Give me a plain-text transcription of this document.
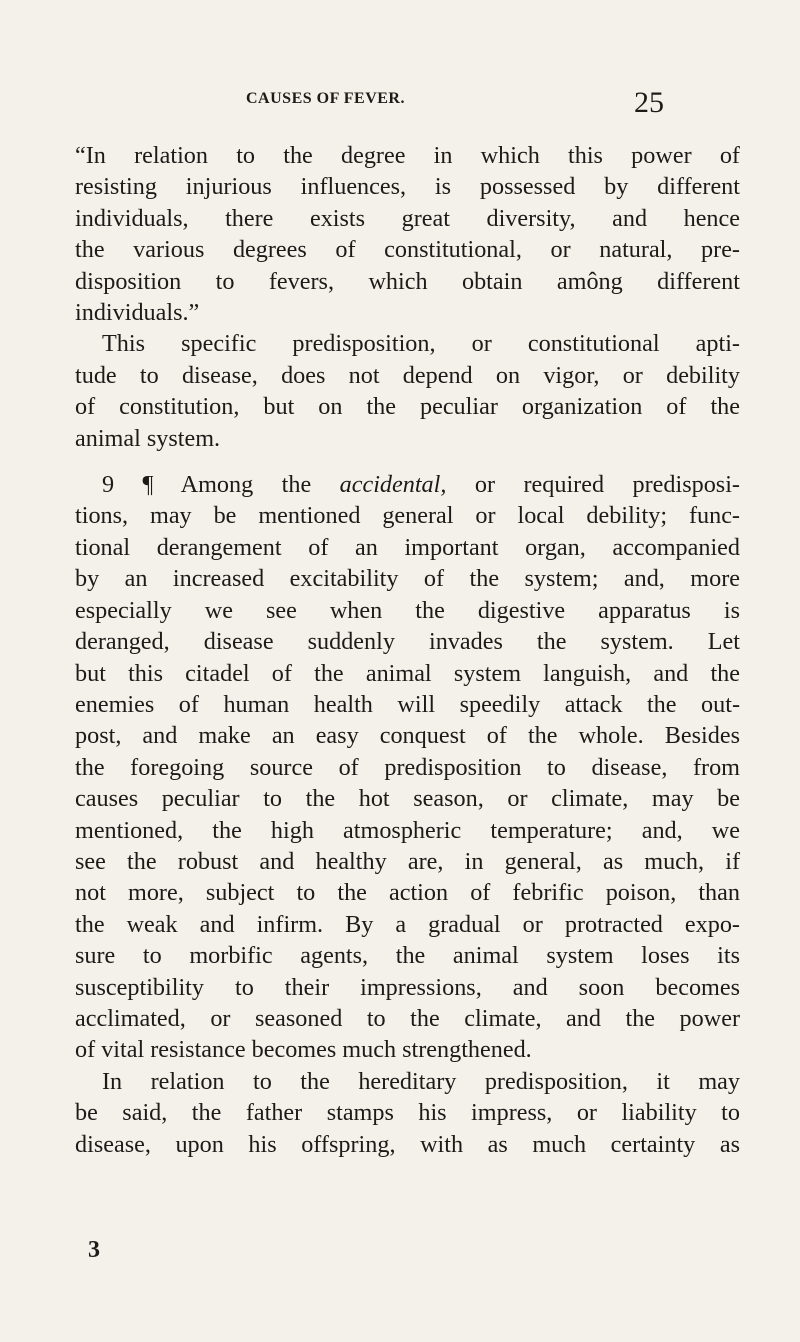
CAUSES OF FEVER.	25
“In relation to the degree in which this power of
resisting injurious influences, is possessed by different
individuals, there exists great diversity, and hence
the various degrees of constitutional, or natural, pre-
disposition to fevers, which obtain amông different
individuals.”
This specific predisposition, or constitutional apti-
tude to disease, does not depend on vigor, or debility
of constitution, but on the peculiar organization of the
animal system.
9 ¶ Among the accidental, or required predisposi-
tions, may be mentioned general or local debility; func-
tional derangement of an important organ, accompanied
by an increased excitability of the system; and, more
especially we see when the digestive apparatus is
deranged, disease suddenly invades the system. Let
but this citadel of the animal system languish, and the
enemies of human health will speedily attack the out-
post, and make an easy conquest of the whole. Besides
the foregoing source of predisposition to disease, from
causes peculiar to the hot season, or climate, may be
mentioned, the high atmospheric temperature; and, we
see the robust and healthy are, in general, as much, if
not more, subject to the action of febrific poison, than
the weak and infirm. By a gradual or protracted expo-
sure to morbific agents, the animal system loses its
susceptibility to their impressions, and soon becomes
acclimated, or seasoned to the climate, and the power
of vital resistance becomes much strengthened.
In relation to the hereditary predisposition, it may
be said, the father stamps his impress, or liability to
disease, upon his offspring, with as much certainty as
3
